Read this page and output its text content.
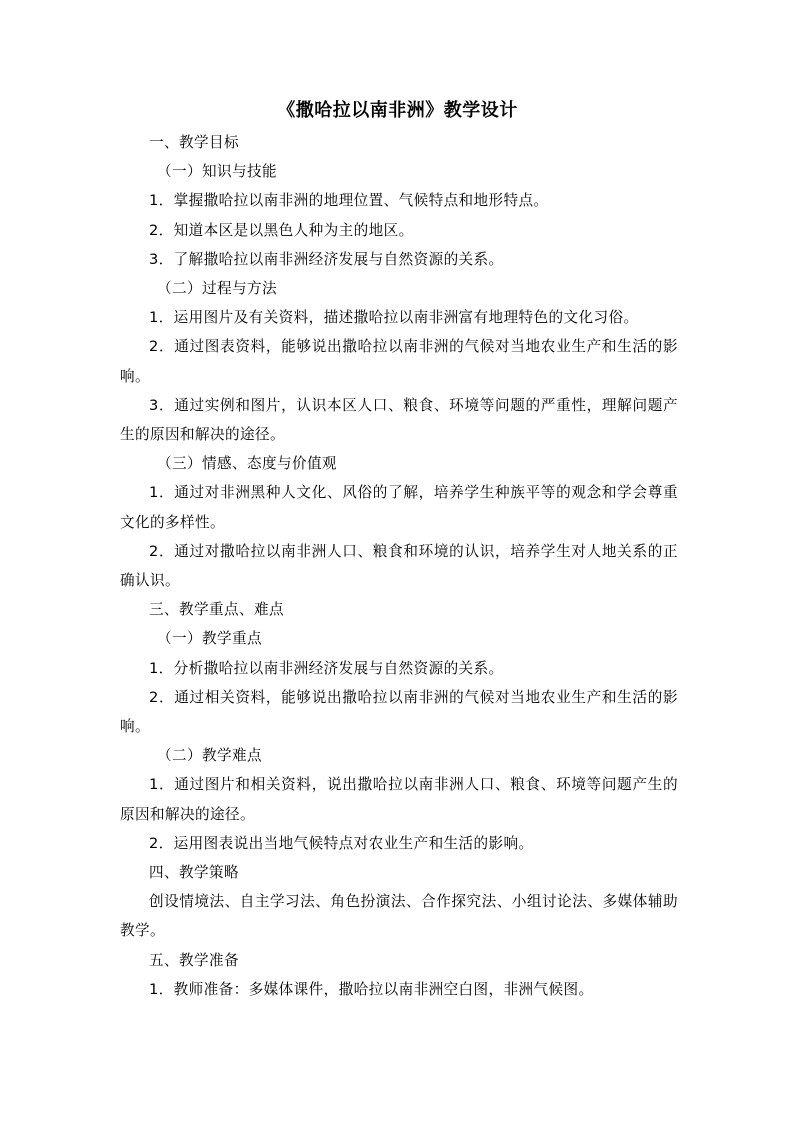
《撒哈拉以南非洲》教学设计

一、教学目标

（一）知识与技能

1．掌握撒哈拉以南非洲的地理位置、气候特点和地形特点。

2．知道本区是以黑色人种为主的地区。

3．了解撒哈拉以南非洲经济发展与自然资源的关系。

（二）过程与方法

1．运用图片及有关资料，描述撒哈拉以南非洲富有地理特色的文化习俗。

2．通过图表资料，能够说出撒哈拉以南非洲的气候对当地农业生产和生活的影响。

3．通过实例和图片，认识本区人口、粮食、环境等问题的严重性，理解问题产生的原因和解决的途径。

（三）情感、态度与价值观

1．通过对非洲黑种人文化、风俗的了解，培养学生种族平等的观念和学会尊重文化的多样性。

2．通过对撒哈拉以南非洲人口、粮食和环境的认识，培养学生对人地关系的正确认识。

三、教学重点、难点

（一）教学重点

1．分析撒哈拉以南非洲经济发展与自然资源的关系。

2．通过相关资料，能够说出撒哈拉以南非洲的气候对当地农业生产和生活的影响。

（二）教学难点

1．通过图片和相关资料，说出撒哈拉以南非洲人口、粮食、环境等问题产生的原因和解决的途径。

2．运用图表说出当地气候特点对农业生产和生活的影响。

四、教学策略

创设情境法、自主学习法、角色扮演法、合作探究法、小组讨论法、多媒体辅助教学。

五、教学准备

1．教师准备：多媒体课件，撒哈拉以南非洲空白图，非洲气候图。
